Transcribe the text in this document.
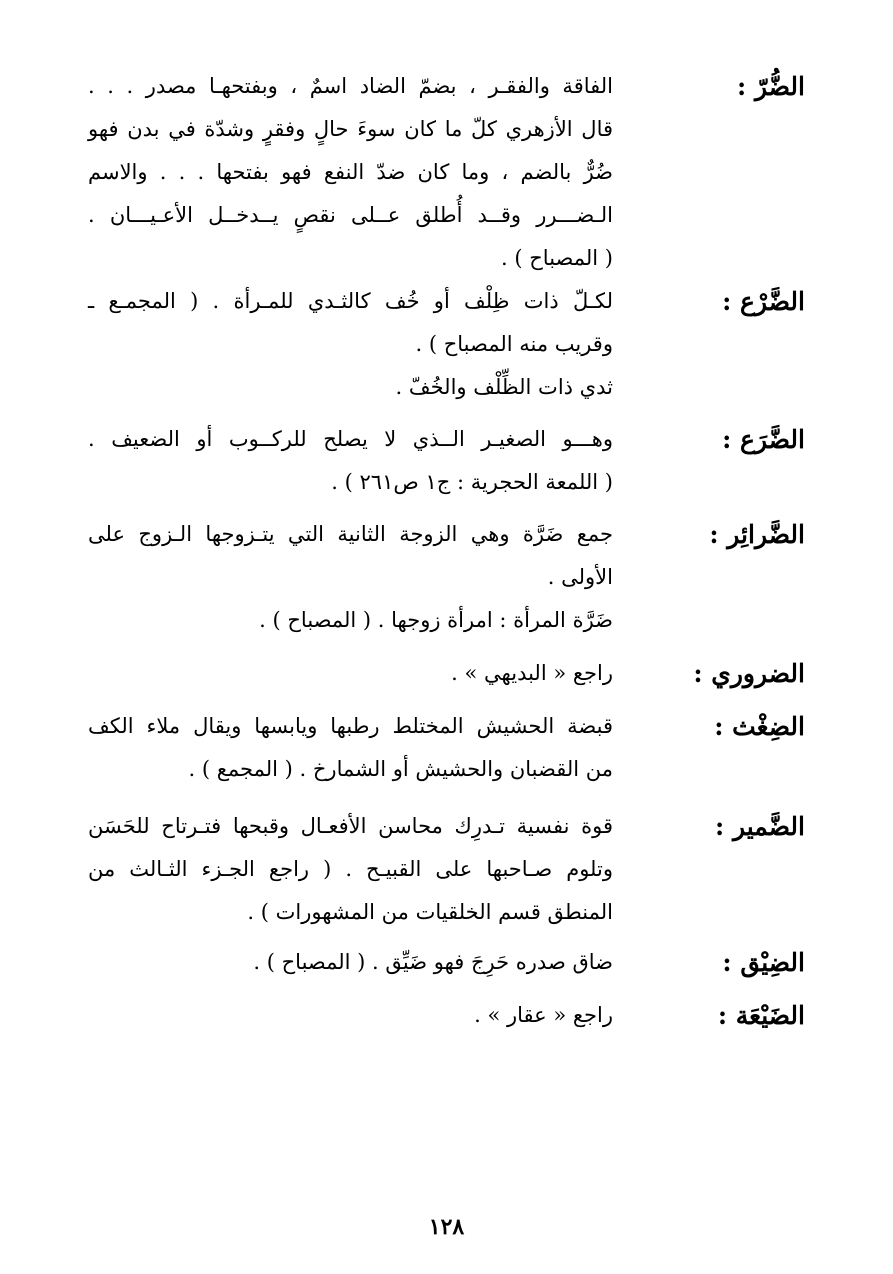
الضُّرّ :
الفاقة والفقـر ، بضمّ الضاد اسمٌ ، وبفتحهـا مصدر . . .
قال الأزهري كلّ ما كان سوءَ حالٍ وفقرٍ وشدّة في بدن فهو
ضُرٌّ بالضم ، وما كان ضدّ النفع فهو بفتحها . . . والاسم
الـضـــرر وقــد أُطلق عــلى نقصٍ يــدخــل الأعـيـــان .
( المصباح ) .
الضَّرْع :
لكـلّ ذات ظِلْف أو خُف كالثـدي للمـرأة . ( المجمـع ـ
وقريب منه المصباح ) .
ثدي ذات الظِّلْف والخُفّ .
الضَّرَع :
وهـــو الصغيـر الــذي لا يصلح للركــوب أو الضعيف .
( اللمعة الحجرية : ج١ ص٢٦١ ) .
الضَّرائِر :
جمع ضَرَّة وهي الزوجة الثانية التي يتـزوجها الـزوج على
الأولى .
ضَرَّة المرأة : امرأة زوجها . ( المصباح ) .
الضروري :
راجع « البديهي » .
الضِغْث :
قبضة الحشيش المختلط رطبها ويابسها ويقال ملاء الكف
من القضبان والحشيش أو الشمارخ . ( المجمع ) .
الضَّمير :
قوة نفسية تـدرِك محاسن الأفعـال وقبحها فتـرتاح للحَسَن
وتلوم صـاحبها على القبيـح . ( راجع الجـزء الثـالث من
المنطق قسم الخلقيات من المشهورات ) .
الضِيْق :
ضاق صدره حَرِجَ فهو ضَيِّق . ( المصباح ) .
الضَيْعَة :
راجع « عقار » .
١٢٨
